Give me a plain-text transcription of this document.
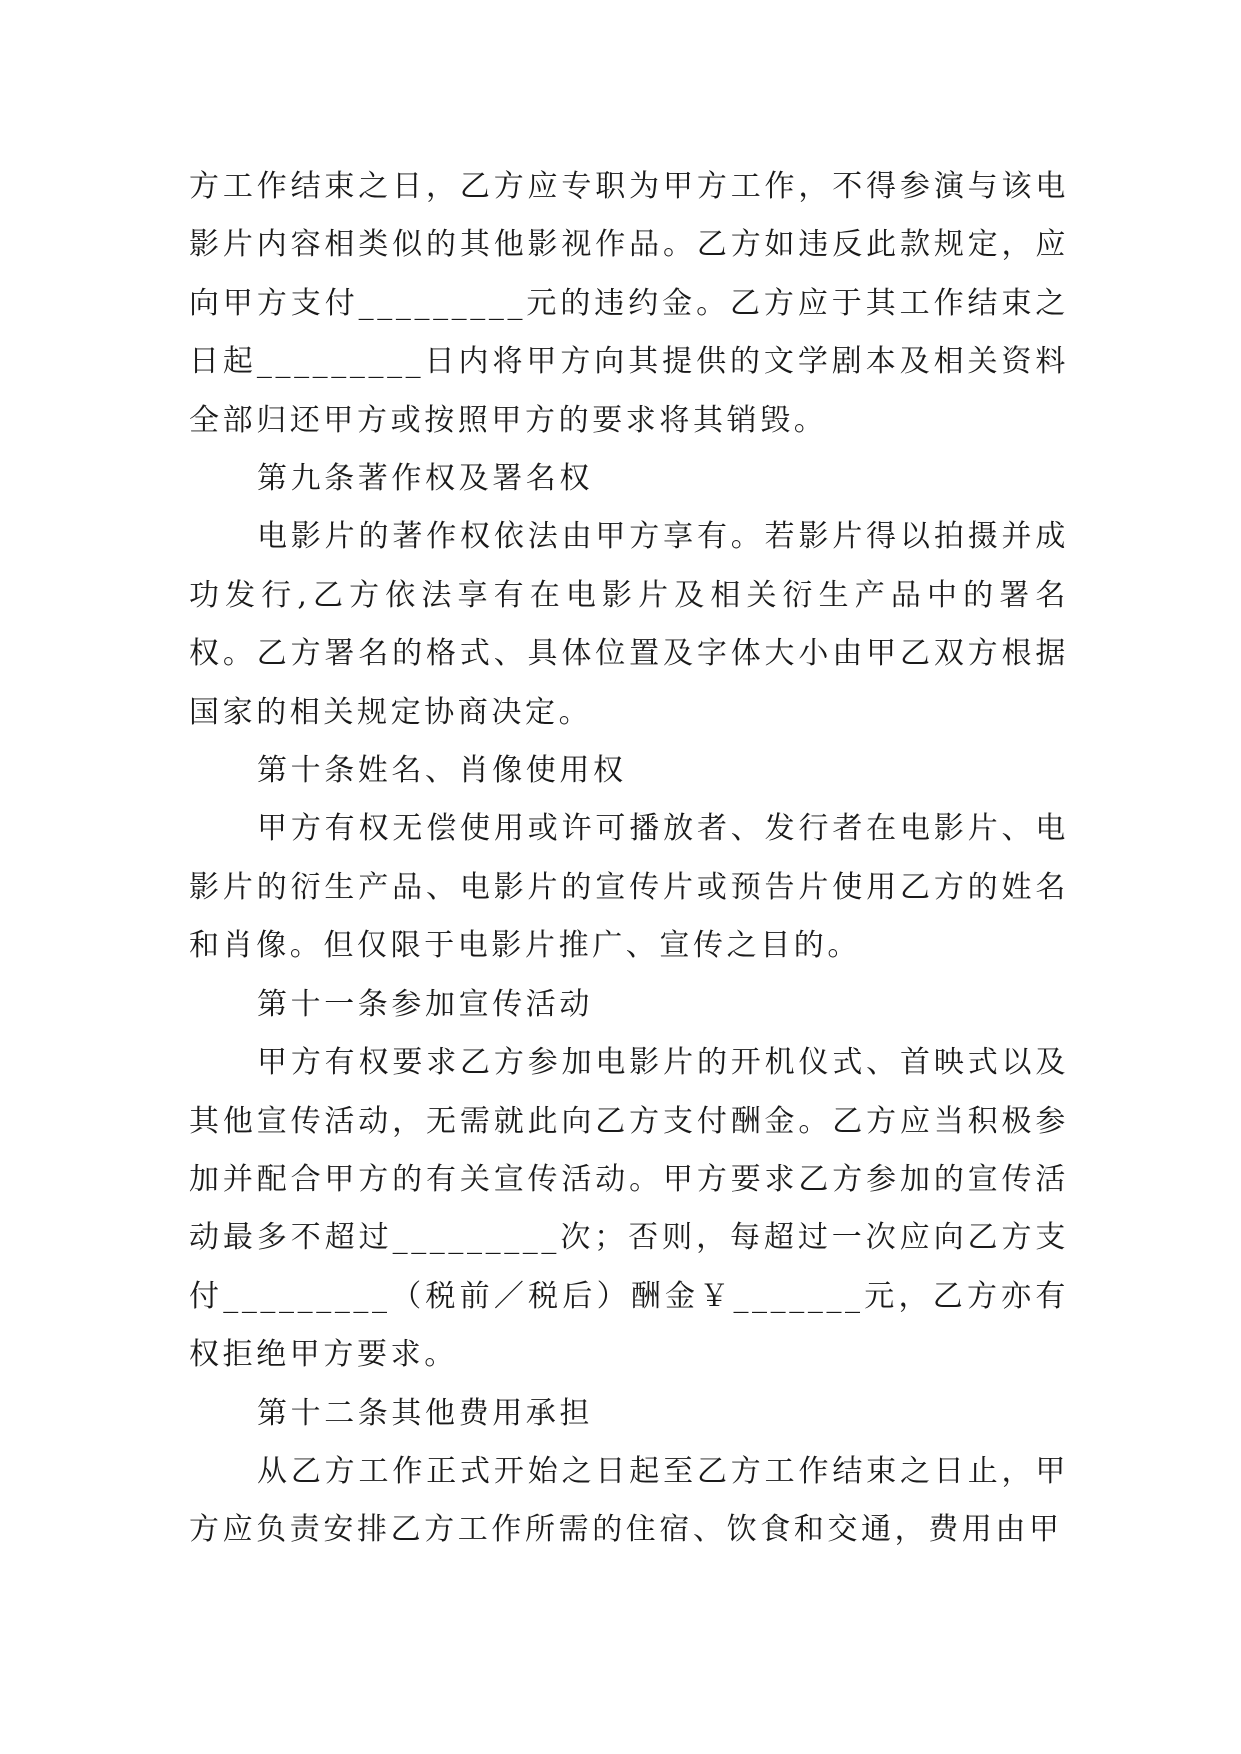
方工作结束之日，乙方应专职为甲方工作，不得参演与该电影片内容相类似的其他影视作品。乙方如违反此款规定，应向甲方支付_________元的违约金。乙方应于其工作结束之日起_________日内将甲方向其提供的文学剧本及相关资料全部归还甲方或按照甲方的要求将其销毁。

第九条著作权及署名权

电影片的著作权依法由甲方享有。若影片得以拍摄并成功发行,乙方依法享有在电影片及相关衍生产品中的署名权。乙方署名的格式、具体位置及字体大小由甲乙双方根据国家的相关规定协商决定。

第十条姓名、肖像使用权

甲方有权无偿使用或许可播放者、发行者在电影片、电影片的衍生产品、电影片的宣传片或预告片使用乙方的姓名和肖像。但仅限于电影片推广、宣传之目的。

第十一条参加宣传活动

甲方有权要求乙方参加电影片的开机仪式、首映式以及其他宣传活动，无需就此向乙方支付酬金。乙方应当积极参加并配合甲方的有关宣传活动。甲方要求乙方参加的宣传活动最多不超过_________次；否则，每超过一次应向乙方支付_________（税前／税后）酬金￥_______元，乙方亦有权拒绝甲方要求。

第十二条其他费用承担

从乙方工作正式开始之日起至乙方工作结束之日止，甲方应负责安排乙方工作所需的住宿、饮食和交通，费用由甲
